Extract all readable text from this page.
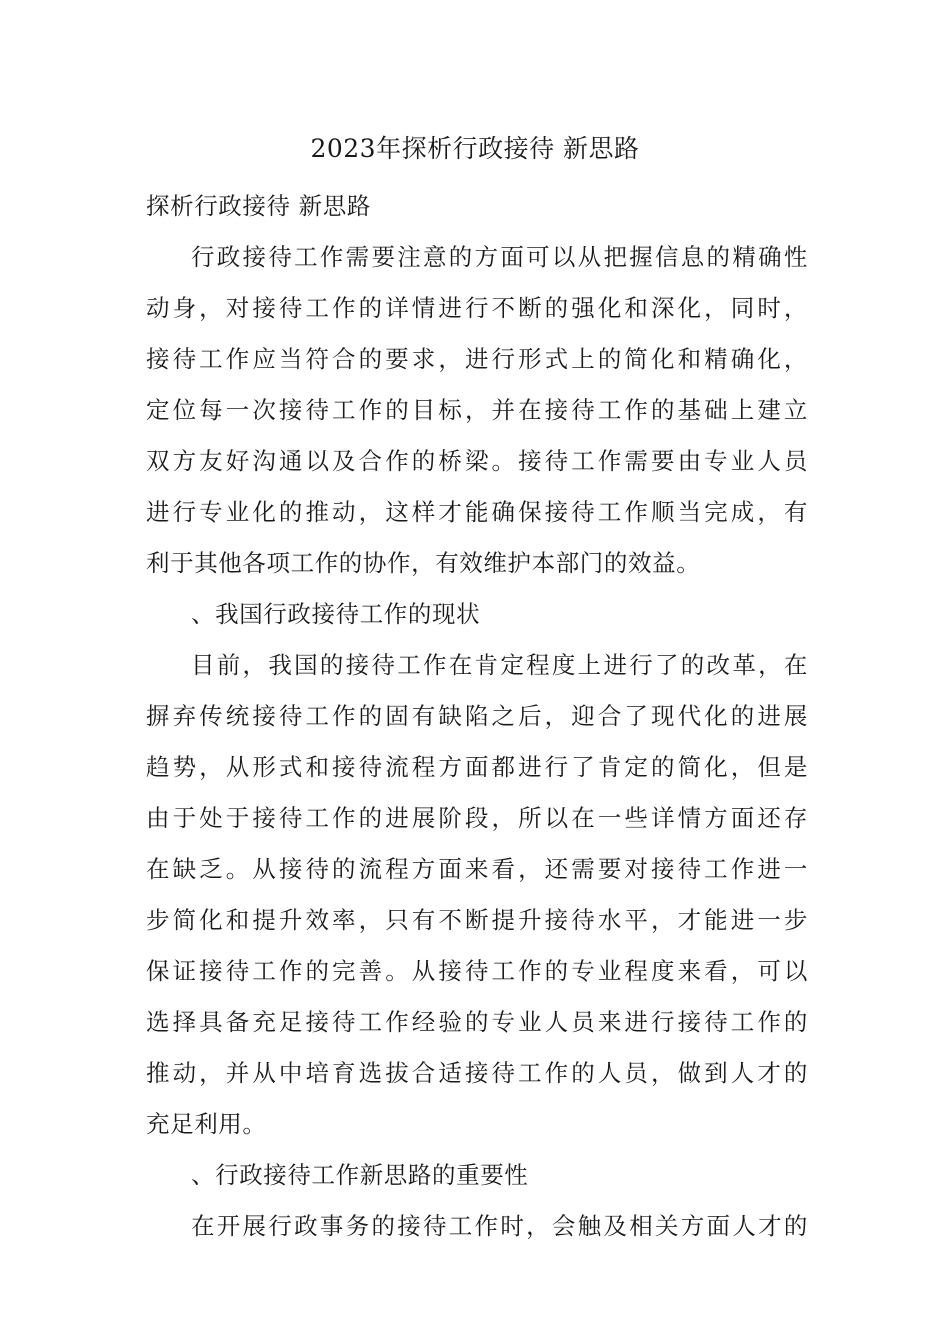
2023年探析行政接待 新思路
探析行政接待 新思路
行政接待工作需要注意的方面可以从把握信息的精确性
动身，对接待工作的详情进行不断的强化和深化，同时，
接待工作应当符合的要求，进行形式上的简化和精确化，
定位每一次接待工作的目标，并在接待工作的基础上建立
双方友好沟通以及合作的桥梁。接待工作需要由专业人员
进行专业化的推动，这样才能确保接待工作顺当完成，有
利于其他各项工作的协作，有效维护本部门的效益。
、我国行政接待工作的现状
目前，我国的接待工作在肯定程度上进行了的改革，在
摒弃传统接待工作的固有缺陷之后，迎合了现代化的进展
趋势，从形式和接待流程方面都进行了肯定的简化，但是
由于处于接待工作的进展阶段，所以在一些详情方面还存
在缺乏。从接待的流程方面来看，还需要对接待工作进一
步简化和提升效率，只有不断提升接待水平，才能进一步
保证接待工作的完善。从接待工作的专业程度来看，可以
选择具备充足接待工作经验的专业人员来进行接待工作的
推动，并从中培育选拔合适接待工作的人员，做到人才的
充足利用。
、行政接待工作新思路的重要性
在开展行政事务的接待工作时，会触及相关方面人才的
